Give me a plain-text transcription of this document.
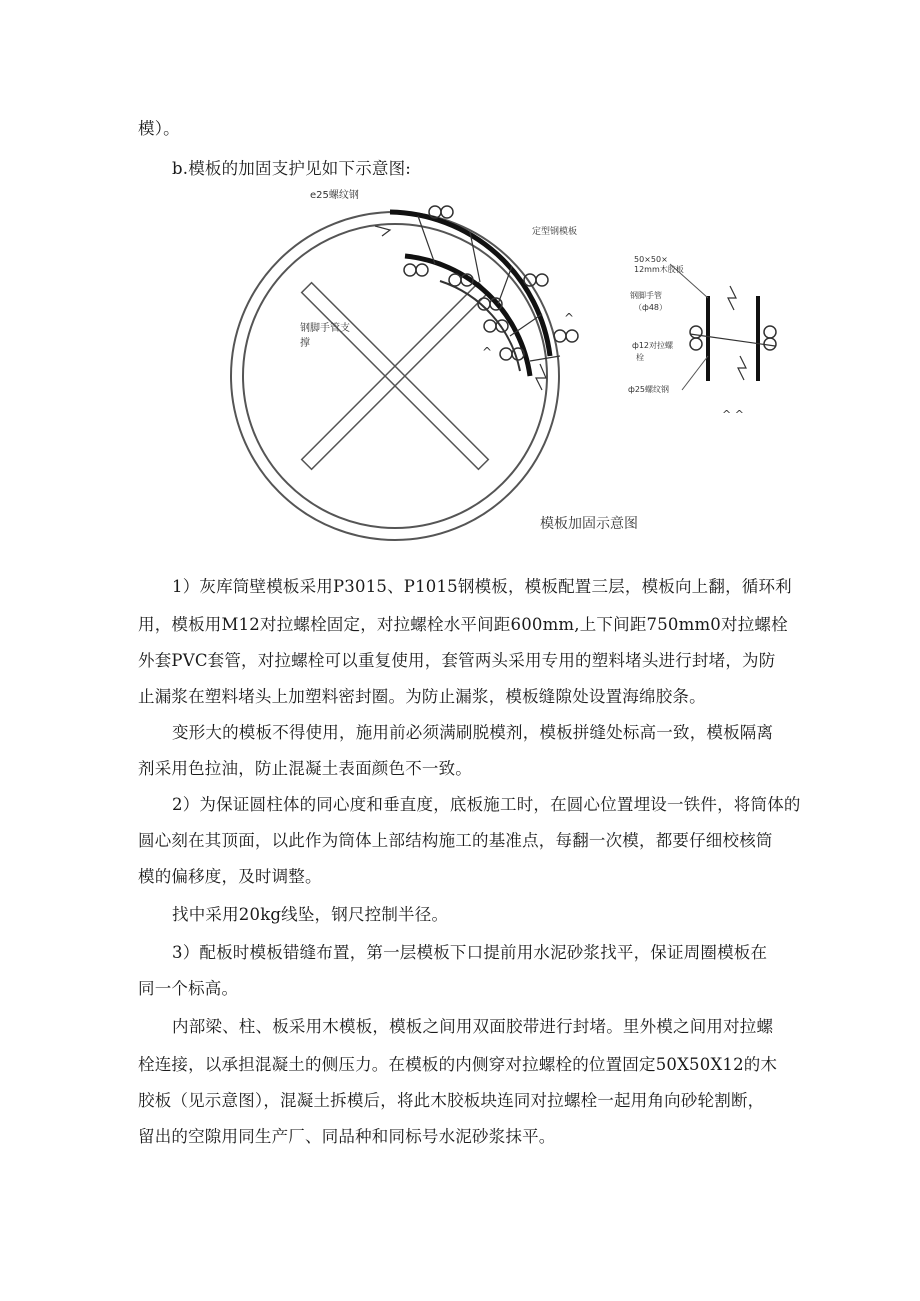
模）。
b.模板的加固支护见如下示意图:
e25螺纹钢
定型钢模板
钢脚手管支
撑
^
^
50×50×
12mm木胶板
钢脚手管
（ф48）
ф12对拉螺
栓
ф25螺纹钢
^ ^
模板加固示意图
1）灰库筒壁模板采用P3015、P1015钢模板，模板配置三层，模板向上翻，循环利
用，模板用M12对拉螺栓固定，对拉螺栓水平间距600mm,上下间距750mm0对拉螺栓
外套PVC套管，对拉螺栓可以重复使用，套管两头采用专用的塑料堵头进行封堵，为防
止漏浆在塑料堵头上加塑料密封圈。为防止漏浆，模板缝隙处设置海绵胶条。
变形大的模板不得使用，施用前必须满刷脱模剂，模板拼缝处标高一致，模板隔离
剂采用色拉油，防止混凝土表面颜色不一致。
2）为保证圆柱体的同心度和垂直度，底板施工时，在圆心位置埋设一铁件，将筒体的
圆心刻在其顶面，以此作为筒体上部结构施工的基准点，每翻一次模，都要仔细校核筒
模的偏移度，及时调整。
找中采用20kg线坠，钢尺控制半径。
3）配板时模板错缝布置，第一层模板下口提前用水泥砂浆找平，保证周圈模板在
同一个标高。
内部梁、柱、板采用木模板，模板之间用双面胶带进行封堵。里外模之间用对拉螺
栓连接，以承担混凝土的侧压力。在模板的内侧穿对拉螺栓的位置固定50X50X12的木
胶板（见示意图），混凝土拆模后，将此木胶板块连同对拉螺栓一起用角向砂轮割断，
留出的空隙用同生产厂、同品种和同标号水泥砂浆抹平。
